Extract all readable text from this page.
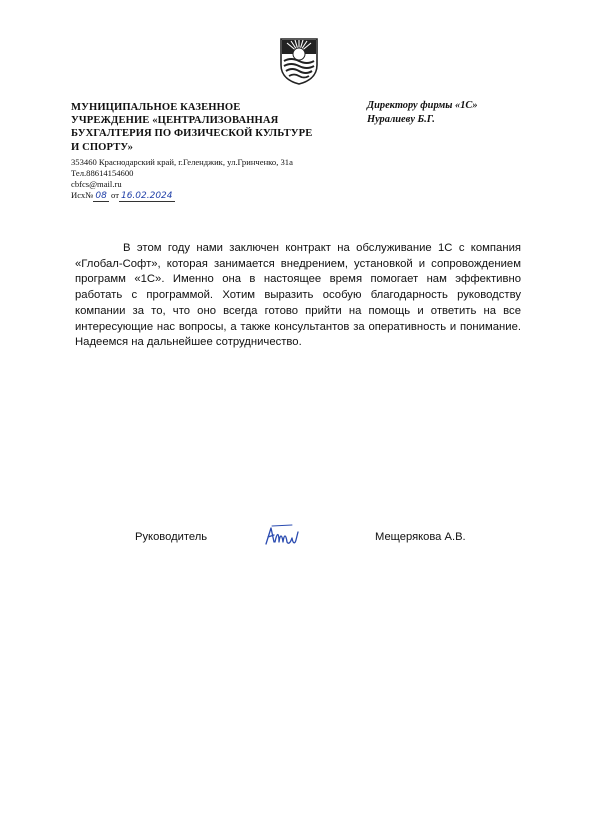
МУНИЦИПАЛЬНОЕ КАЗЕННОЕ
УЧРЕЖДЕНИЕ «ЦЕНТРАЛИЗОВАННАЯ
БУХГАЛТЕРИЯ ПО ФИЗИЧЕСКОЙ КУЛЬТУРЕ
И СПОРТУ»
353460 Краснодарский край, г.Геленджик, ул.Гринченко, 31а
Тел.88614154600
cbfcs@mail.ru
Исх№ 08 от 16.02.2024
Директору фирмы «1С»
Нуралиеву Б.Г.

В этом году нами заключен контракт на обслуживание 1С с компания «Глобал-Софт», которая занимается внедрением, установкой и сопровождением программ «1С». Именно она в настоящее время помогает нам эффективно работать с программой. Хотим выразить особую благодарность руководству компании за то, что оно всегда готово прийти на помощь и ответить на все интересующие нас вопросы, а также консультантов за оперативность и понимание. Надеемся на дальнейшее сотрудничество.

Руководитель	Мещерякова А.В.
